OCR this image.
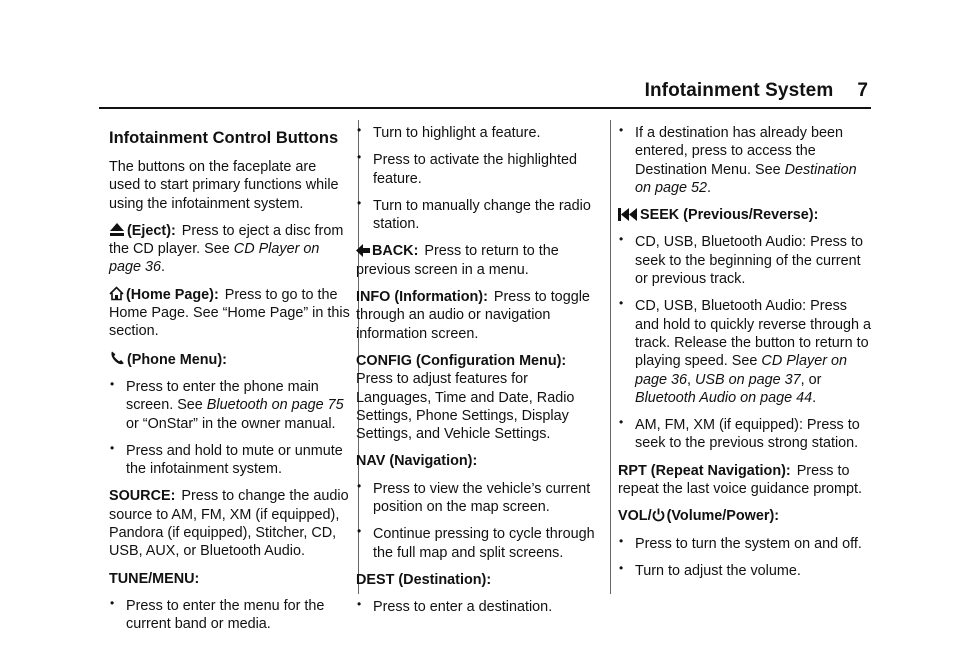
Infotainment System 7
Infotainment Control Buttons

The buttons on the faceplate are used to start primary functions while using the infotainment system.

(Eject): Press to eject a disc from the CD player. See CD Player on page 36.

(Home Page): Press to go to the Home Page. See “Home Page” in this section.

(Phone Menu):

• Press to enter the phone main screen. See Bluetooth on page 75 or “OnStar” in the owner manual.
• Press and hold to mute or unmute the infotainment system.

SOURCE: Press to change the audio source to AM, FM, XM (if equipped), Pandora (if equipped), Stitcher, CD, USB, AUX, or Bluetooth Audio.

TUNE/MENU:

• Press to enter the menu for the current band or media.
• Turn to highlight a feature.
• Press to activate the highlighted feature.
• Turn to manually change the radio station.

BACK: Press to return to the previous screen in a menu.

INFO (Information): Press to toggle through an audio or navigation information screen.

CONFIG (Configuration Menu):
Press to adjust features for Languages, Time and Date, Radio Settings, Phone Settings, Display Settings, and Vehicle Settings.

NAV (Navigation):

• Press to view the vehicle’s current position on the map screen.
• Continue pressing to cycle through the full map and split screens.

DEST (Destination):

• Press to enter a destination.
• If a destination has already been entered, press to access the Destination Menu. See Destination on page 52.

SEEK (Previous/Reverse):

• CD, USB, Bluetooth Audio: Press to seek to the beginning of the current or previous track.
• CD, USB, Bluetooth Audio: Press and hold to quickly reverse through a track. Release the button to return to playing speed. See CD Player on page 36, USB on page 37, or Bluetooth Audio on page 44.
• AM, FM, XM (if equipped): Press to seek to the previous strong station.

RPT (Repeat Navigation): Press to repeat the last voice guidance prompt.

VOL/ (Volume/Power):

• Press to turn the system on and off.
• Turn to adjust the volume.
